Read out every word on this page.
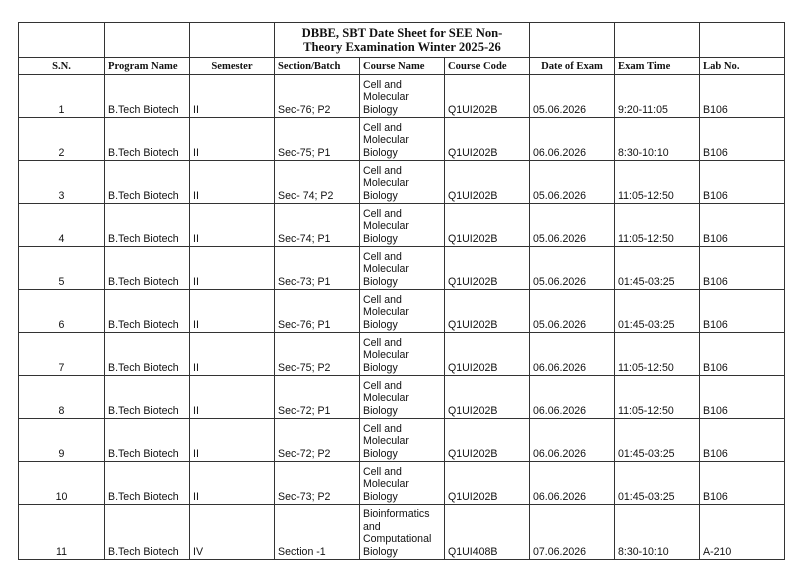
			DBBE, SBT Date Sheet for SEE Non-
Theory Examination Winter 2025-26					
S.N.	Program Name	Semester	Section/Batch	Course Name	Course Code	Date of Exam	Exam Time	Lab No.
1	B.Tech Biotech	II	Sec-76; P2	Cell and
Molecular
Biology	Q1UI202B	05.06.2026	9:20-11:05	B106
2	B.Tech Biotech	II	Sec-75; P1	Cell and
Molecular
Biology	Q1UI202B	06.06.2026	8:30-10:10	B106
3	B.Tech Biotech	II	Sec- 74; P2	Cell and
Molecular
Biology	Q1UI202B	05.06.2026	11:05-12:50	B106
4	B.Tech Biotech	II	Sec-74; P1	Cell and
Molecular
Biology	Q1UI202B	05.06.2026	11:05-12:50	B106
5	B.Tech Biotech	II	Sec-73; P1	Cell and
Molecular
Biology	Q1UI202B	05.06.2026	01:45-03:25	B106
6	B.Tech Biotech	II	Sec-76; P1	Cell and
Molecular
Biology	Q1UI202B	05.06.2026	01:45-03:25	B106
7	B.Tech Biotech	II	Sec-75; P2	Cell and
Molecular
Biology	Q1UI202B	06.06.2026	11:05-12:50	B106
8	B.Tech Biotech	II	Sec-72; P1	Cell and
Molecular
Biology	Q1UI202B	06.06.2026	11:05-12:50	B106
9	B.Tech Biotech	II	Sec-72; P2	Cell and
Molecular
Biology	Q1UI202B	06.06.2026	01:45-03:25	B106
10	B.Tech Biotech	II	Sec-73; P2	Cell and
Molecular
Biology	Q1UI202B	06.06.2026	01:45-03:25	B106
11	B.Tech Biotech	IV	Section -1	Bioinformatics
and
Computational
Biology	Q1UI408B	07.06.2026	8:30-10:10	A-210
